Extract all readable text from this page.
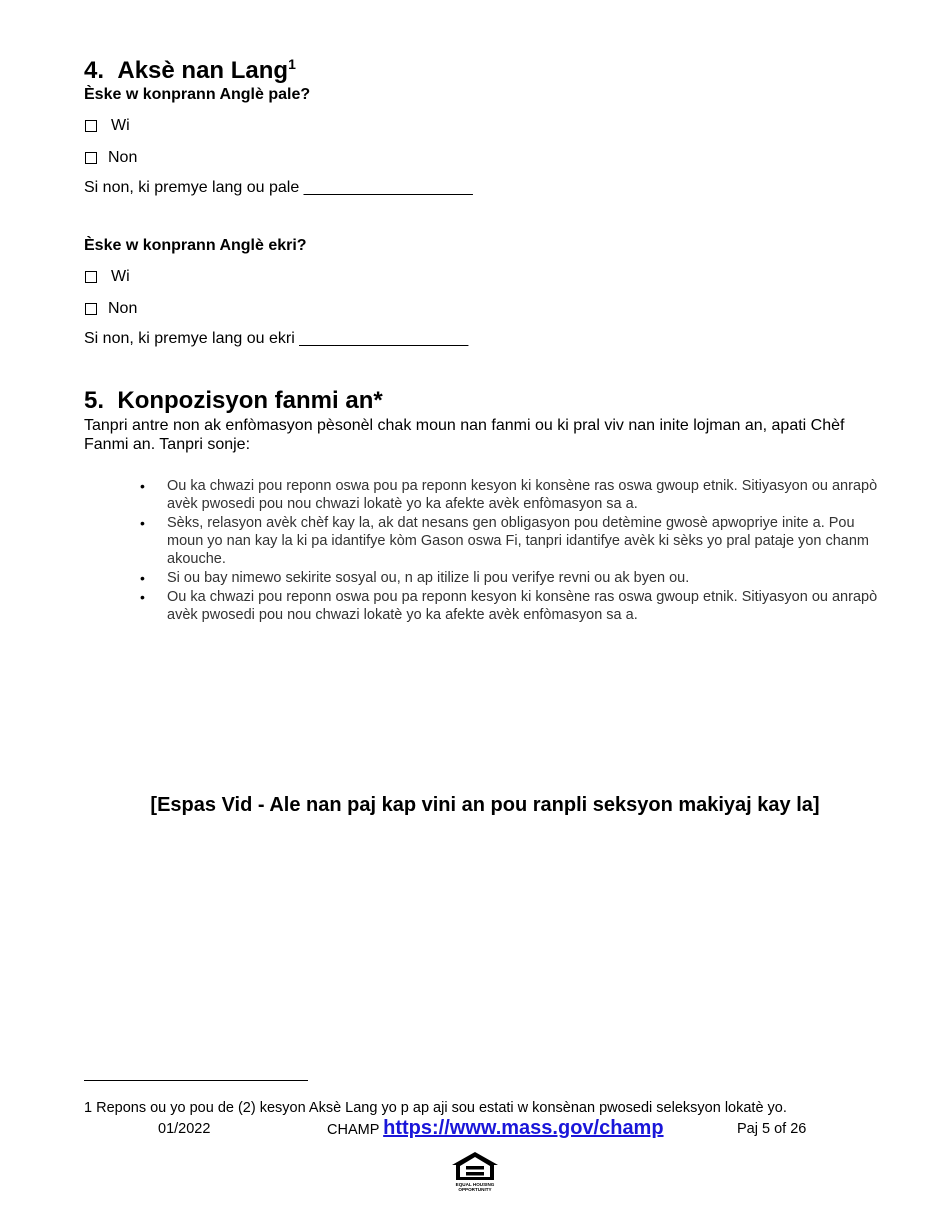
4. Aksè nan Lang$^1$
Èske w konprann Anglè pale?
Wi
Non
Si non, ki premye lang ou pale ___________________
Èske w konprann Anglè ekri?
Wi
Non
Si non, ki premye lang ou ekri ___________________
5. Konpozisyon fanmi an*
Tanpri antre non ak enfòmasyon pèsonèl chak moun nan fanmi ou ki pral viv nan inite lojman an, apati Chèf Fanmi an. Tanpri sonje:
• Ou ka chwazi pou reponn oswa pou pa reponn kesyon ki konsène ras oswa gwoup etnik. Sitiyasyon ou anrapò avèk pwosedi pou nou chwazi lokatè yo ka afekte avèk enfòmasyon sa a.
• Sèks, relasyon avèk chèf kay la, ak dat nesans gen obligasyon pou detèmine gwosè apwopriye inite a. Pou moun yo nan kay la ki pa idantifye kòm Gason oswa Fi, tanpri idantifye avèk ki sèks yo pral pataje yon chanm akouche.
• Si ou bay nimewo sekirite sosyal ou, n ap itilize li pou verifye revni ou ak byen ou.
• Ou ka chwazi pou reponn oswa pou pa reponn kesyon ki konsène ras oswa gwoup etnik. Sitiyasyon ou anrapò avèk pwosedi pou nou chwazi lokatè yo ka afekte avèk enfòmasyon sa a.
[Espas Vid - Ale nan paj kap vini an pou ranpli seksyon makiyaj kay la]
1 Repons ou yo pou de (2) kesyon Aksè Lang yo p ap aji sou estati w konsènan pwosedi seleksyon lokatè yo.
01/2022	CHAMP https://www.mass.gov/champ	Paj 5 of 26
EQUAL HOUSING
OPPORTUNITY
